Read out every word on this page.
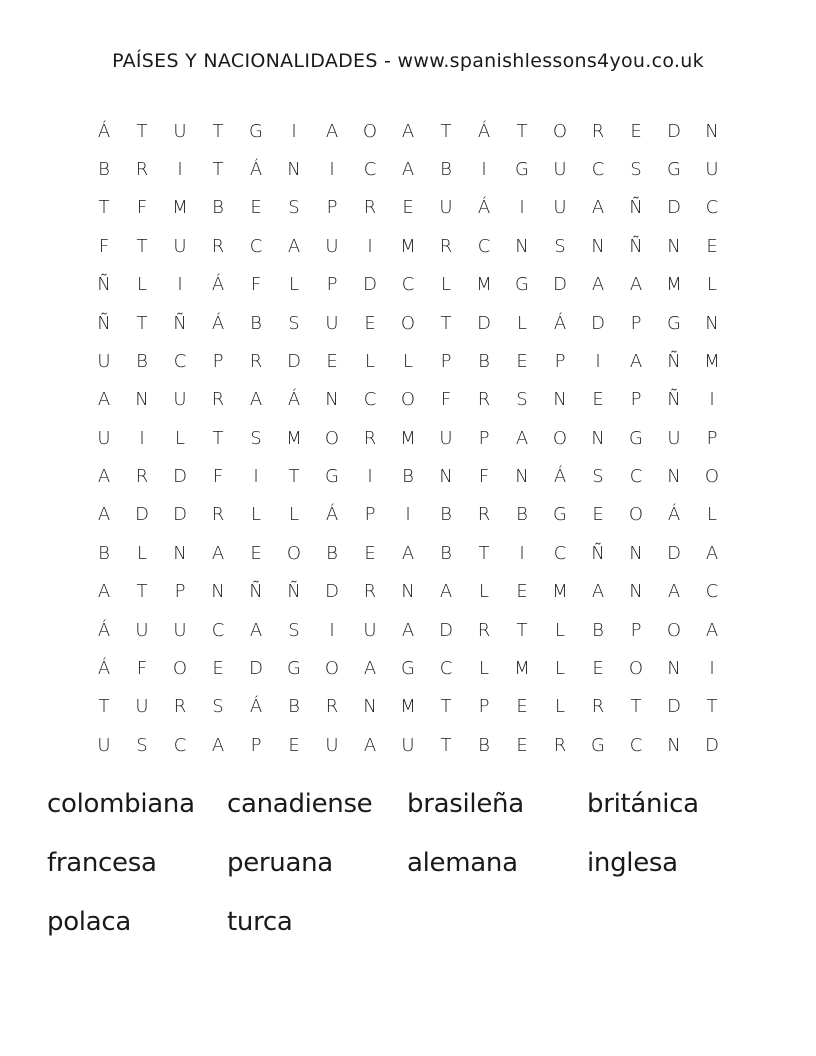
PAÍSES Y NACIONALIDADES - www.spanishlessons4you.co.uk
Á	T	U	T	G	I	A	O	A	T	Á	T	O	R	E	D	N
B	R	I	T	Á	N	I	C	A	B	I	G	U	C	S	G	U
T	F	M	B	E	S	P	R	E	U	Á	I	U	A	Ñ	D	C
F	T	U	R	C	A	U	I	M	R	C	N	S	N	Ñ	N	E
Ñ	L	I	Á	F	L	P	D	C	L	M	G	D	A	A	M	L
Ñ	T	Ñ	Á	B	S	U	E	O	T	D	L	Á	D	P	G	N
U	B	C	P	R	D	E	L	L	P	B	E	P	I	A	Ñ	M
A	N	U	R	A	Á	N	C	O	F	R	S	N	E	P	Ñ	I
U	I	L	T	S	M	O	R	M	U	P	A	O	N	G	U	P
A	R	D	F	I	T	G	I	B	N	F	N	Á	S	C	N	O
A	D	D	R	L	L	Á	P	I	B	R	B	G	E	O	Á	L
B	L	N	A	E	O	B	E	A	B	T	I	C	Ñ	N	D	A
A	T	P	N	Ñ	Ñ	D	R	N	A	L	E	M	A	N	A	C
Á	U	U	C	A	S	I	U	A	D	R	T	L	B	P	O	A
Á	F	O	E	D	G	O	A	G	C	L	M	L	E	O	N	I
T	U	R	S	Á	B	R	N	M	T	P	E	L	R	T	D	T
U	S	C	A	P	E	U	A	U	T	B	E	R	G	C	N	D
colombiana	canadiense	brasileña	británica
francesa	peruana	alemana	inglesa
polaca	turca
